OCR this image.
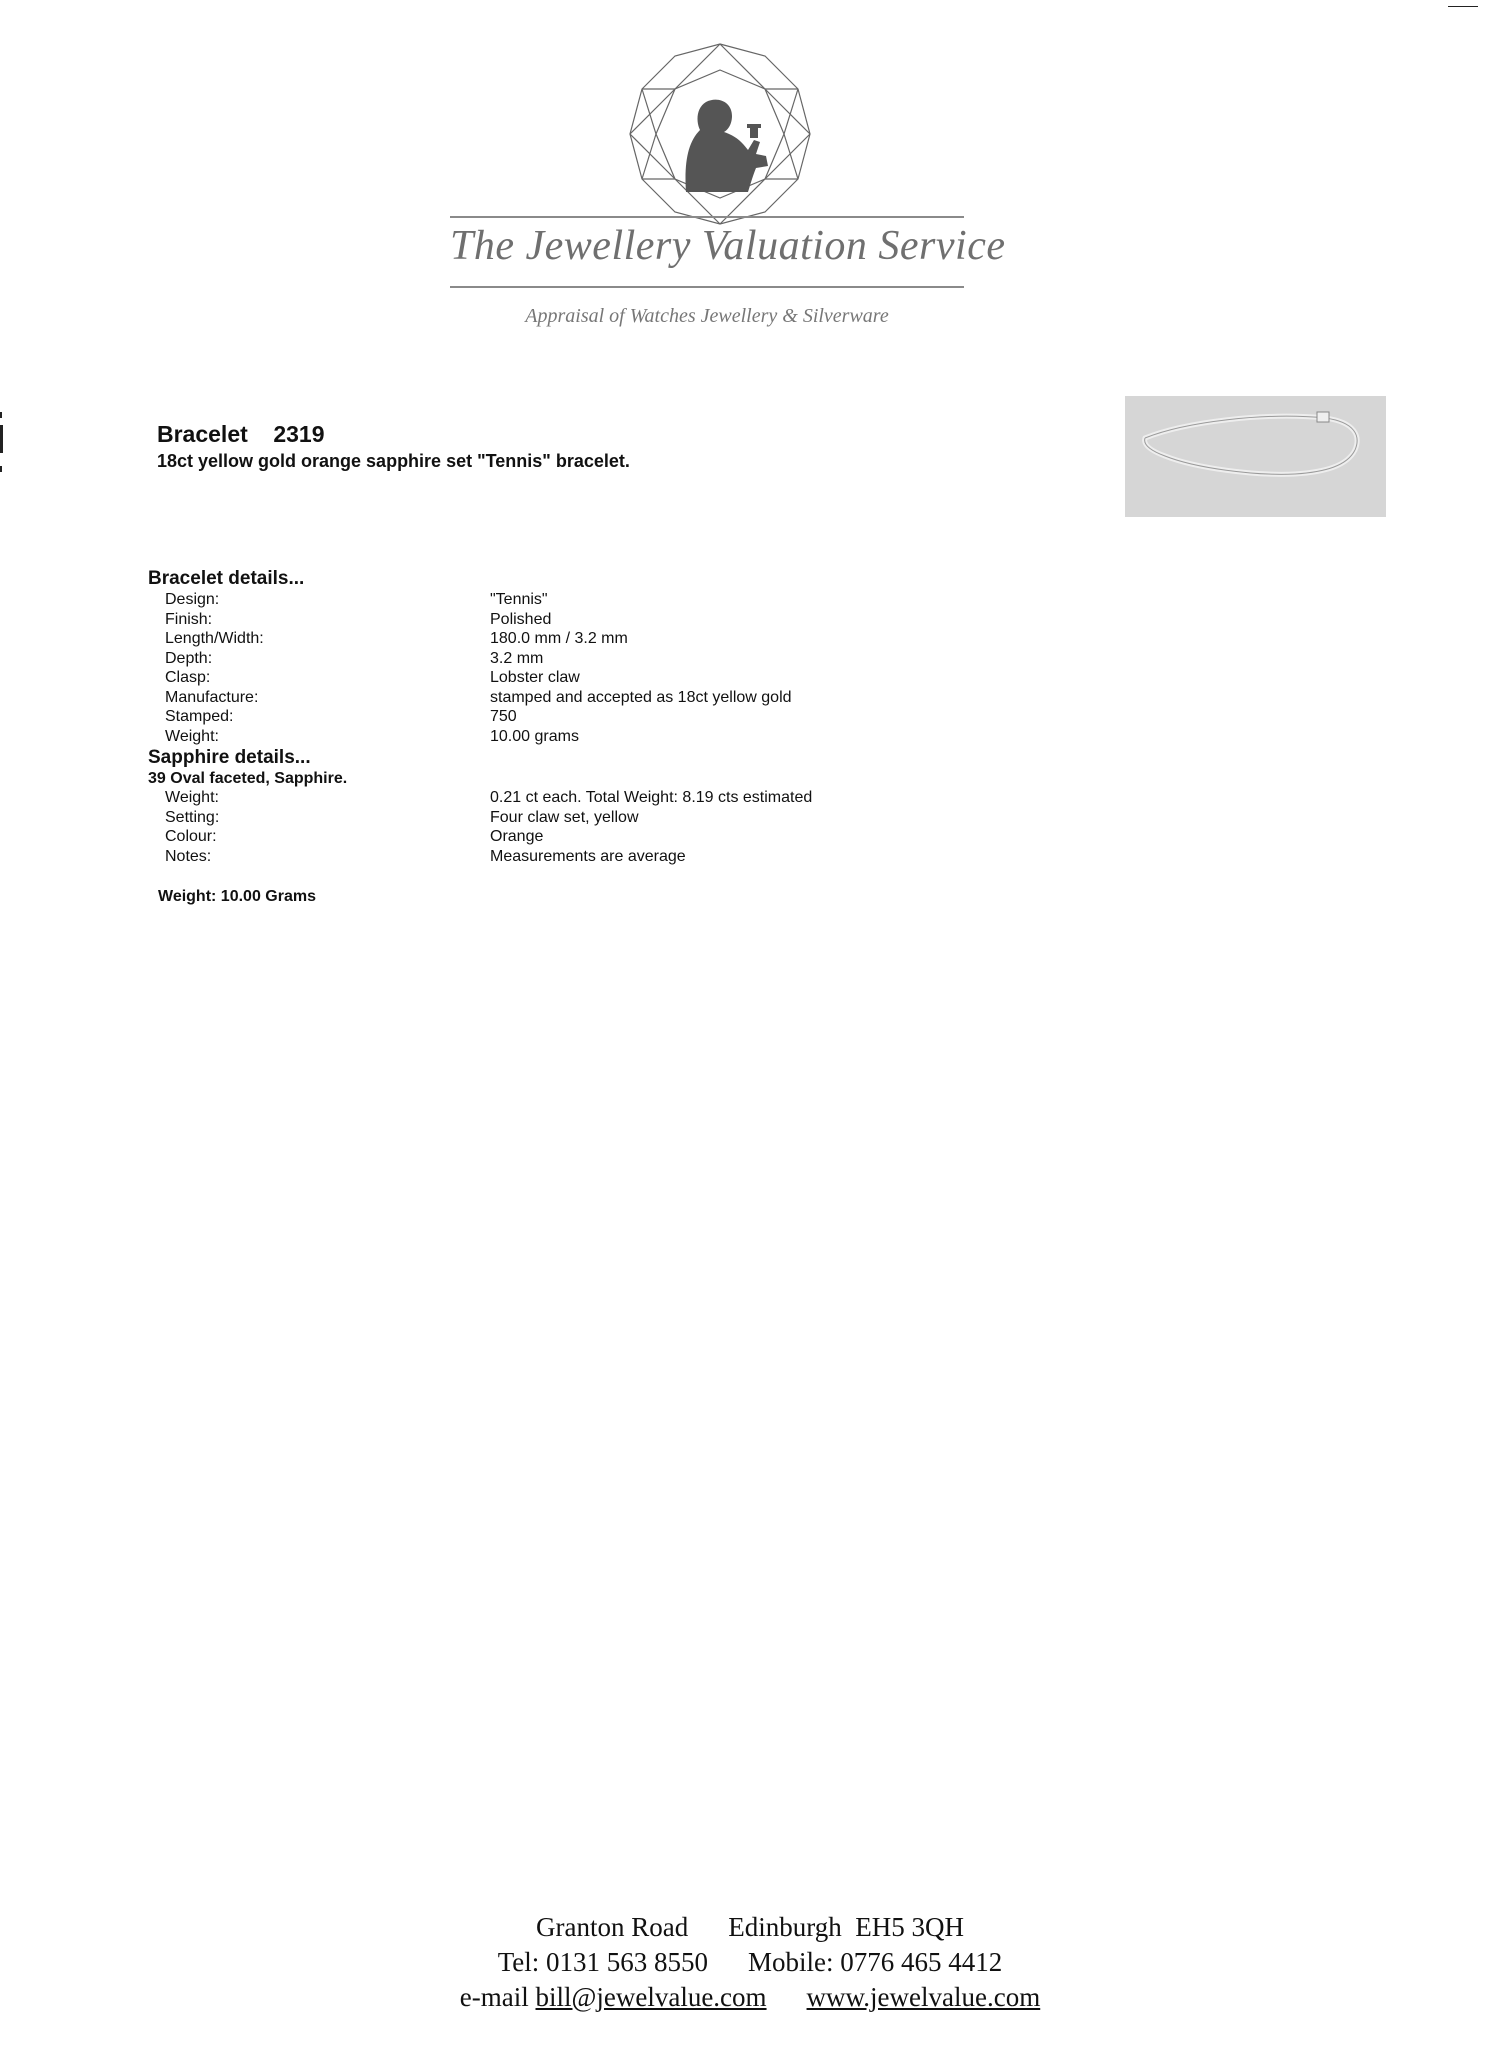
The Jewellery Valuation Service
Appraisal of Watches Jewellery & Silverware
Bracelet    2319
18ct yellow gold orange sapphire set "Tennis" bracelet.
Bracelet details...
Design:	"Tennis"
Finish:	Polished
Length/Width:	180.0 mm / 3.2 mm
Depth:	3.2 mm
Clasp:	Lobster claw
Manufacture:	stamped and accepted as 18ct yellow gold
Stamped:	750
Weight:	10.00 grams
Sapphire details...
39 Oval faceted, Sapphire.
Weight:	0.21 ct each. Total Weight: 8.19 cts estimated
Setting:	Four claw set, yellow
Colour:	Orange
Notes:	Measurements are average
Weight: 10.00 Grams
Granton Road Edinburgh EH5 3QH
Tel: 0131 563 8550 Mobile: 0776 465 4412
e-mail bill@jewelvalue.com www.jewelvalue.com
